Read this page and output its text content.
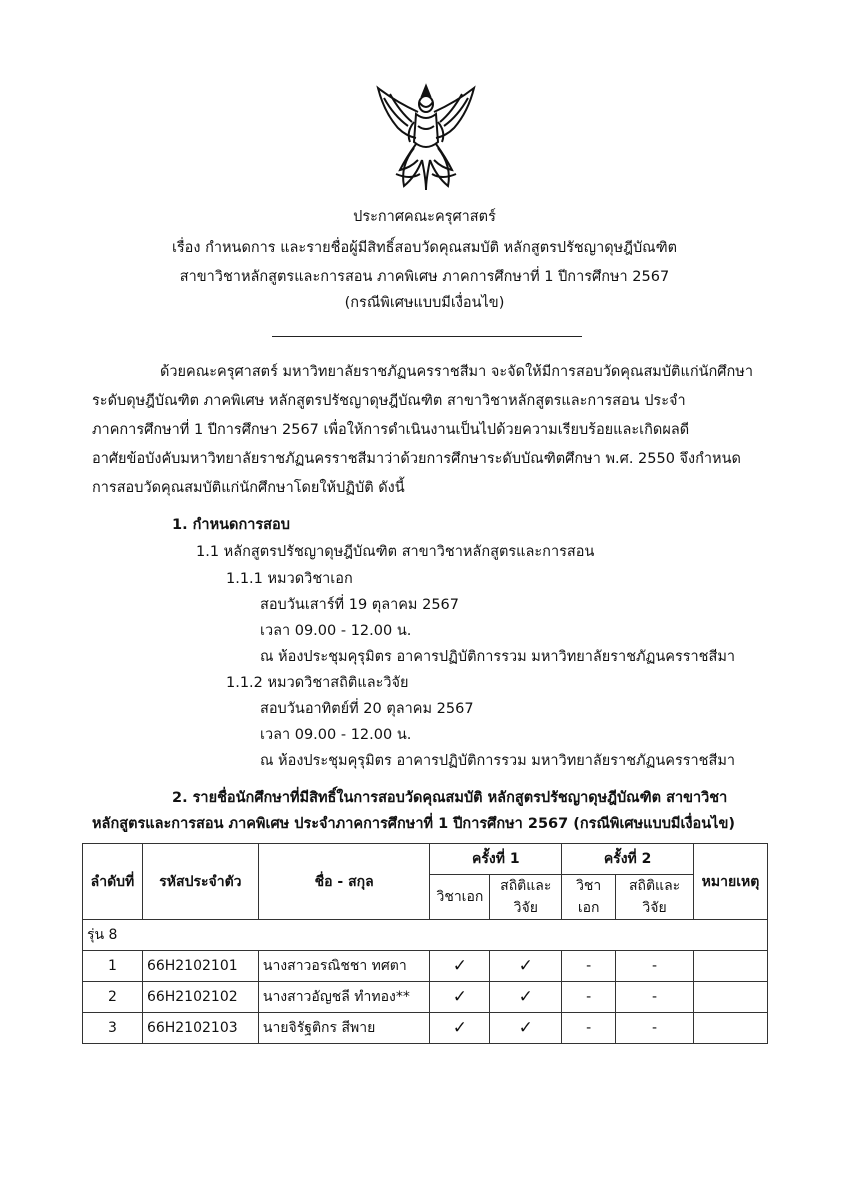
ประกาศคณะครุศาสตร์
เรื่อง กำหนดการ และรายชื่อผู้มีสิทธิ์สอบวัดคุณสมบัติ หลักสูตรปรัชญาดุษฎีบัณฑิต
สาขาวิชาหลักสูตรและการสอน ภาคพิเศษ ภาคการศึกษาที่ 1 ปีการศึกษา 2567
(กรณีพิเศษแบบมีเงื่อนไข)
ด้วยคณะครุศาสตร์ มหาวิทยาลัยราชภัฏนครราชสีมา จะจัดให้มีการสอบวัดคุณสมบัติแก่นักศึกษา
ระดับดุษฎีบัณฑิต ภาคพิเศษ หลักสูตรปรัชญาดุษฎีบัณฑิต สาขาวิชาหลักสูตรและการสอน ประจำ
ภาคการศึกษาที่ 1 ปีการศึกษา 2567 เพื่อให้การดำเนินงานเป็นไปด้วยความเรียบร้อยและเกิดผลดี
อาศัยข้อบังคับมหาวิทยาลัยราชภัฏนครราชสีมาว่าด้วยการศึกษาระดับบัณฑิตศึกษา พ.ศ. 2550 จึงกำหนด
การสอบวัดคุณสมบัติแก่นักศึกษาโดยให้ปฏิบัติ ดังนี้
1. กำหนดการสอบ
1.1 หลักสูตรปรัชญาดุษฎีบัณฑิต สาขาวิชาหลักสูตรและการสอน
1.1.1 หมวดวิชาเอก
สอบวันเสาร์ที่ 19 ตุลาคม 2567
เวลา 09.00 - 12.00 น.
ณ ห้องประชุมคุรุมิตร อาคารปฏิบัติการรวม มหาวิทยาลัยราชภัฏนครราชสีมา
1.1.2 หมวดวิชาสถิติและวิจัย
สอบวันอาทิตย์ที่ 20 ตุลาคม 2567
เวลา 09.00 - 12.00 น.
ณ ห้องประชุมคุรุมิตร อาคารปฏิบัติการรวม มหาวิทยาลัยราชภัฏนครราชสีมา
2. รายชื่อนักศึกษาที่มีสิทธิ์ในการสอบวัดคุณสมบัติ หลักสูตรปรัชญาดุษฎีบัณฑิต สาขาวิชา
หลักสูตรและการสอน ภาคพิเศษ ประจำภาคการศึกษาที่ 1 ปีการศึกษา 2567 (กรณีพิเศษแบบมีเงื่อนไข)
ลำดับที่	รหัสประจำตัว	ชื่อ - สกุล	ครั้งที่ 1		ครั้งที่ 2		หมายเหตุ
			วิชาเอก	สถิติและวิจัย	วิชาเอก	สถิติและวิจัย	
รุ่น 8							
1	66H2102101	นางสาวอรณิชชา ทศตา	✓	✓	-	-	
2	66H2102102	นางสาวอัญชลี ทำทอง**	✓	✓	-	-	
3	66H2102103	นายจิรัฐติกร สีพาย	✓	✓	-	-	
